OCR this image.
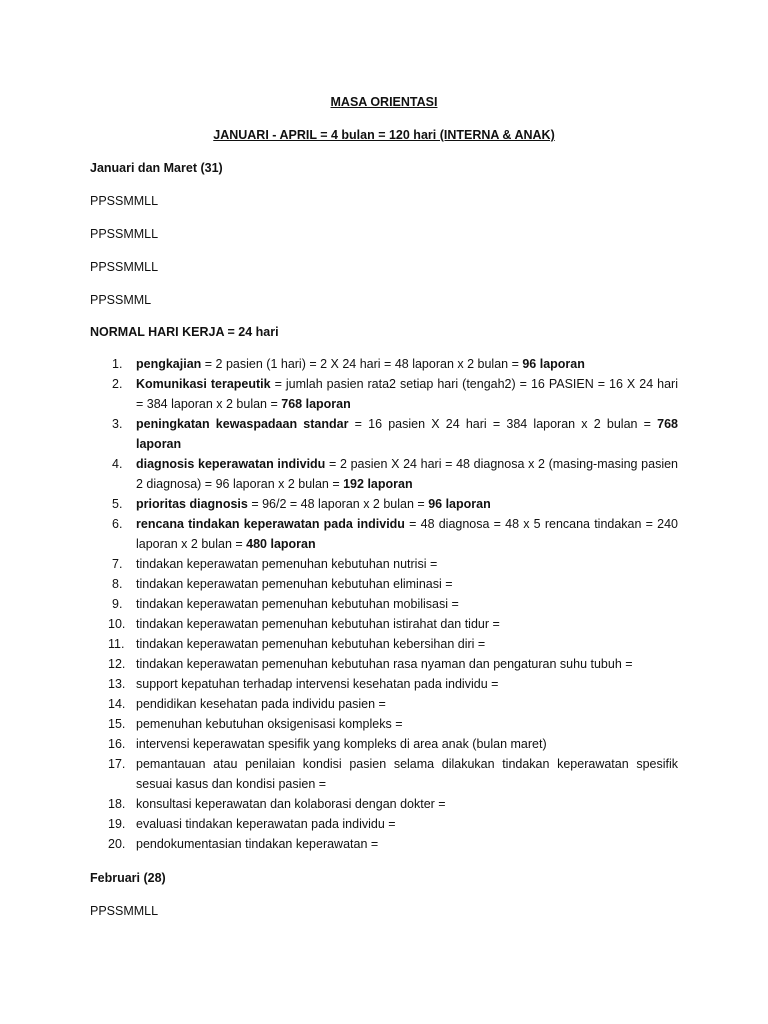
MASA ORIENTASI
JANUARI - APRIL = 4 bulan = 120 hari (INTERNA & ANAK)
Januari dan Maret (31)
PPSSMMLL
PPSSMMLL
PPSSMMLL
PPSSMML
NORMAL HARI KERJA = 24 hari
1. pengkajian = 2 pasien (1 hari) = 2 X 24 hari = 48 laporan x 2 bulan = 96 laporan
2. Komunikasi terapeutik = jumlah pasien rata2 setiap hari (tengah2) = 16 PASIEN = 16 X 24 hari = 384 laporan x 2 bulan = 768 laporan
3. peningkatan kewaspadaan standar = 16 pasien X 24 hari = 384 laporan x 2 bulan = 768 laporan
4. diagnosis keperawatan individu = 2 pasien X 24 hari = 48 diagnosa x 2 (masing-masing pasien 2 diagnosa) = 96 laporan x 2 bulan = 192 laporan
5. prioritas diagnosis = 96/2 = 48 laporan x 2 bulan = 96 laporan
6. rencana tindakan keperawatan pada individu = 48 diagnosa = 48 x 5 rencana tindakan = 240 laporan x 2 bulan = 480 laporan
7. tindakan keperawatan pemenuhan kebutuhan nutrisi =
8. tindakan keperawatan pemenuhan kebutuhan eliminasi =
9. tindakan keperawatan pemenuhan kebutuhan mobilisasi =
10. tindakan keperawatan pemenuhan kebutuhan istirahat dan tidur =
11. tindakan keperawatan pemenuhan kebutuhan kebersihan diri =
12. tindakan keperawatan pemenuhan kebutuhan rasa nyaman dan pengaturan suhu tubuh =
13. support kepatuhan terhadap intervensi kesehatan pada individu =
14. pendidikan kesehatan pada individu pasien =
15. pemenuhan kebutuhan oksigenisasi kompleks =
16. intervensi keperawatan spesifik yang kompleks di area anak (bulan maret)
17. pemantauan atau penilaian kondisi pasien selama dilakukan tindakan keperawatan spesifik sesuai kasus dan kondisi pasien =
18. konsultasi keperawatan dan kolaborasi dengan dokter =
19. evaluasi tindakan keperawatan pada individu =
20. pendokumentasian tindakan keperawatan =
Februari (28)
PPSSMMLL
